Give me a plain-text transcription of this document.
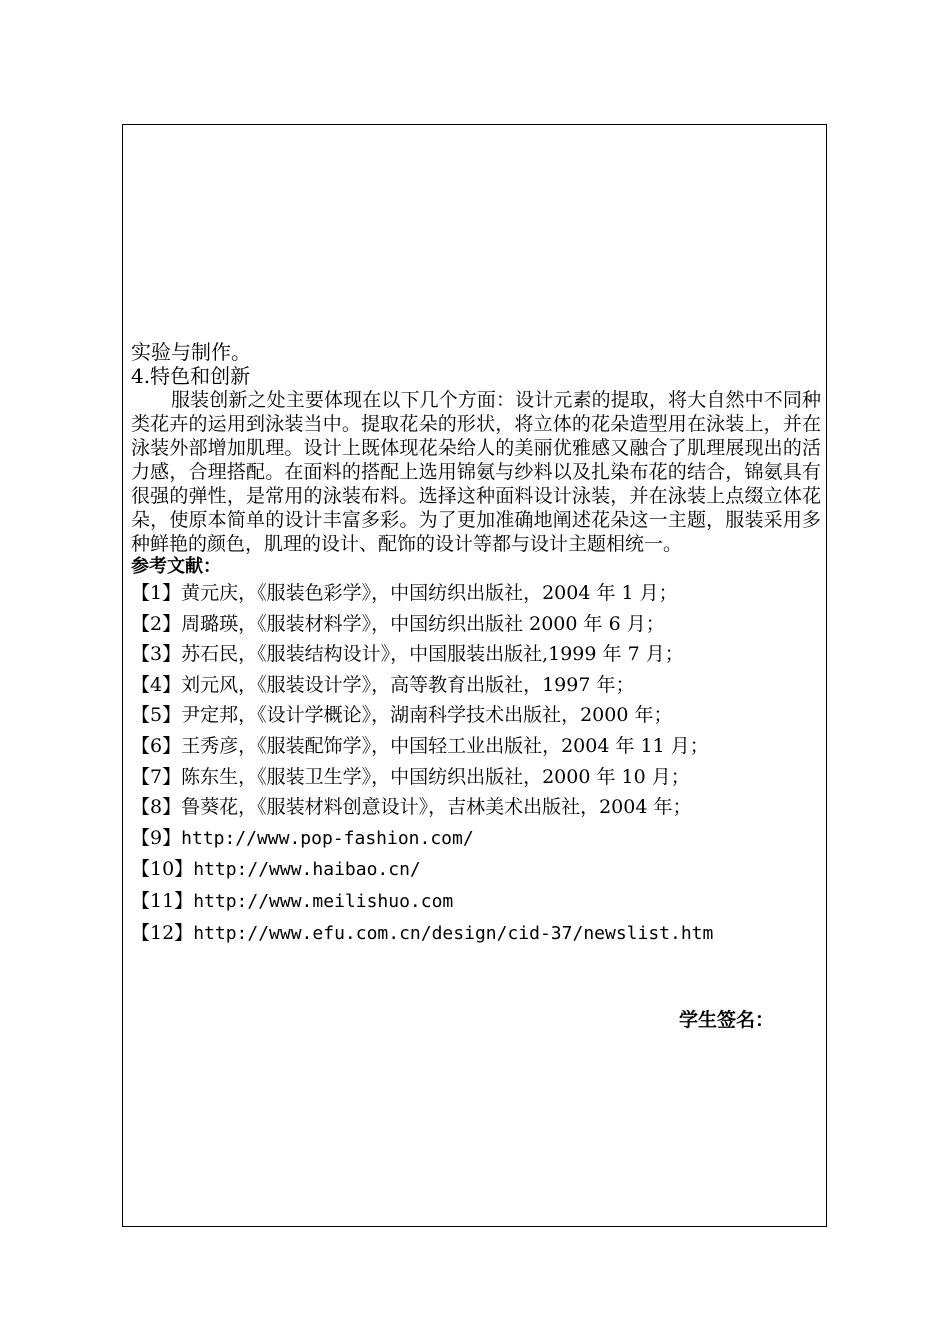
实验与制作。
4.特色和创新

服装创新之处主要体现在以下几个方面：设计元素的提取，将大自然中不同种类花卉的运用到泳装当中。提取花朵的形状，将立体的花朵造型用在泳装上，并在泳装外部增加肌理。设计上既体现花朵给人的美丽优雅感又融合了肌理展现出的活力感，合理搭配。在面料的搭配上选用锦氨与纱料以及扎染布花的结合，锦氨具有很强的弹性，是常用的泳装布料。选择这种面料设计泳装，并在泳装上点缀立体花朵，使原本简单的设计丰富多彩。为了更加准确地阐述花朵这一主题，服装采用多种鲜艳的颜色，肌理的设计、配饰的设计等都与设计主题相统一。

参考文献：
【1】黄元庆，《服装色彩学》，中国纺织出版社，2004 年 1 月；
【2】周璐瑛，《服装材料学》，中国纺织出版社 2000 年 6 月；
【3】苏石民，《服装结构设计》，中国服装出版社,1999 年 7 月；
【4】刘元风，《服装设计学》，高等教育出版社，1997 年；
【5】尹定邦，《设计学概论》，湖南科学技术出版社，2000 年；
【6】王秀彦，《服装配饰学》，中国轻工业出版社，2004 年 11 月；
【7】陈东生，《服装卫生学》，中国纺织出版社，2000 年 10 月；
【8】鲁葵花，《服装材料创意设计》，吉林美术出版社，2004 年；
【9】http://www.pop-fashion.com/
【10】http://www.haibao.cn/
【11】http://www.meilishuo.com
【12】http://www.efu.com.cn/design/cid-37/newslist.htm
学生签名：
